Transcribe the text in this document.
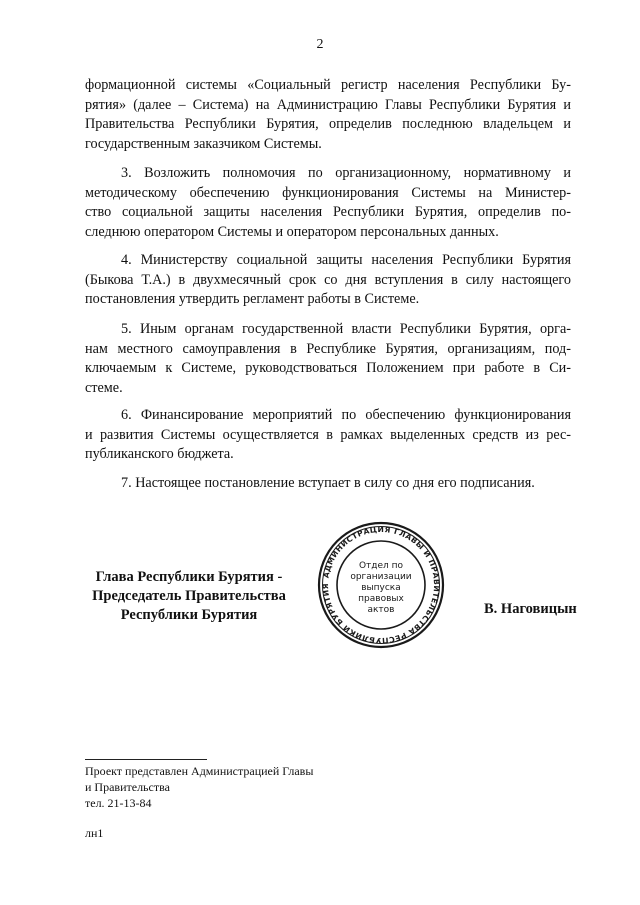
2
формационной системы «Социальный регистр населения Республики Бу-
рятия» (далее – Система) на Администрацию Главы Республики Бурятия и
Правительства Республики Бурятия, определив последнюю владельцем и
государственным заказчиком Системы.
3. Возложить полномочия по организационному, нормативному и
методическому обеспечению функционирования Системы на Министер-
ство социальной защиты населения Республики Бурятия, определив по-
следнюю оператором Системы и оператором персональных данных.
4. Министерству социальной защиты населения Республики Бурятия
(Быкова Т.А.) в двухмесячный срок со дня вступления в силу настоящего
постановления утвердить регламент работы в Системе.
5. Иным органам государственной власти Республики Бурятия, орга-
нам местного самоуправления в Республике Бурятия, организациям, под-
ключаемым к Системе, руководствоваться Положением при работе в Си-
стеме.
6. Финансирование мероприятий по обеспечению функционирования
и развития Системы осуществляется в рамках выделенных средств из рес-
публиканского бюджета.
7. Настоящее постановление вступает в силу со дня его подписания.
Глава Республики Бурятия -
Председатель Правительства
Республики Бурятия
АДМИНИСТРАЦИЯ ГЛАВЫ И ПРАВИТЕЛЬСТВА РЕСПУБЛИКИ БУРЯТИЯ
Отдел по
организации
выпуска
правовых
актов	В. Наговицын
Проект представлен Администрацией Главы
и Правительства
тел. 21-13-84
лн1
